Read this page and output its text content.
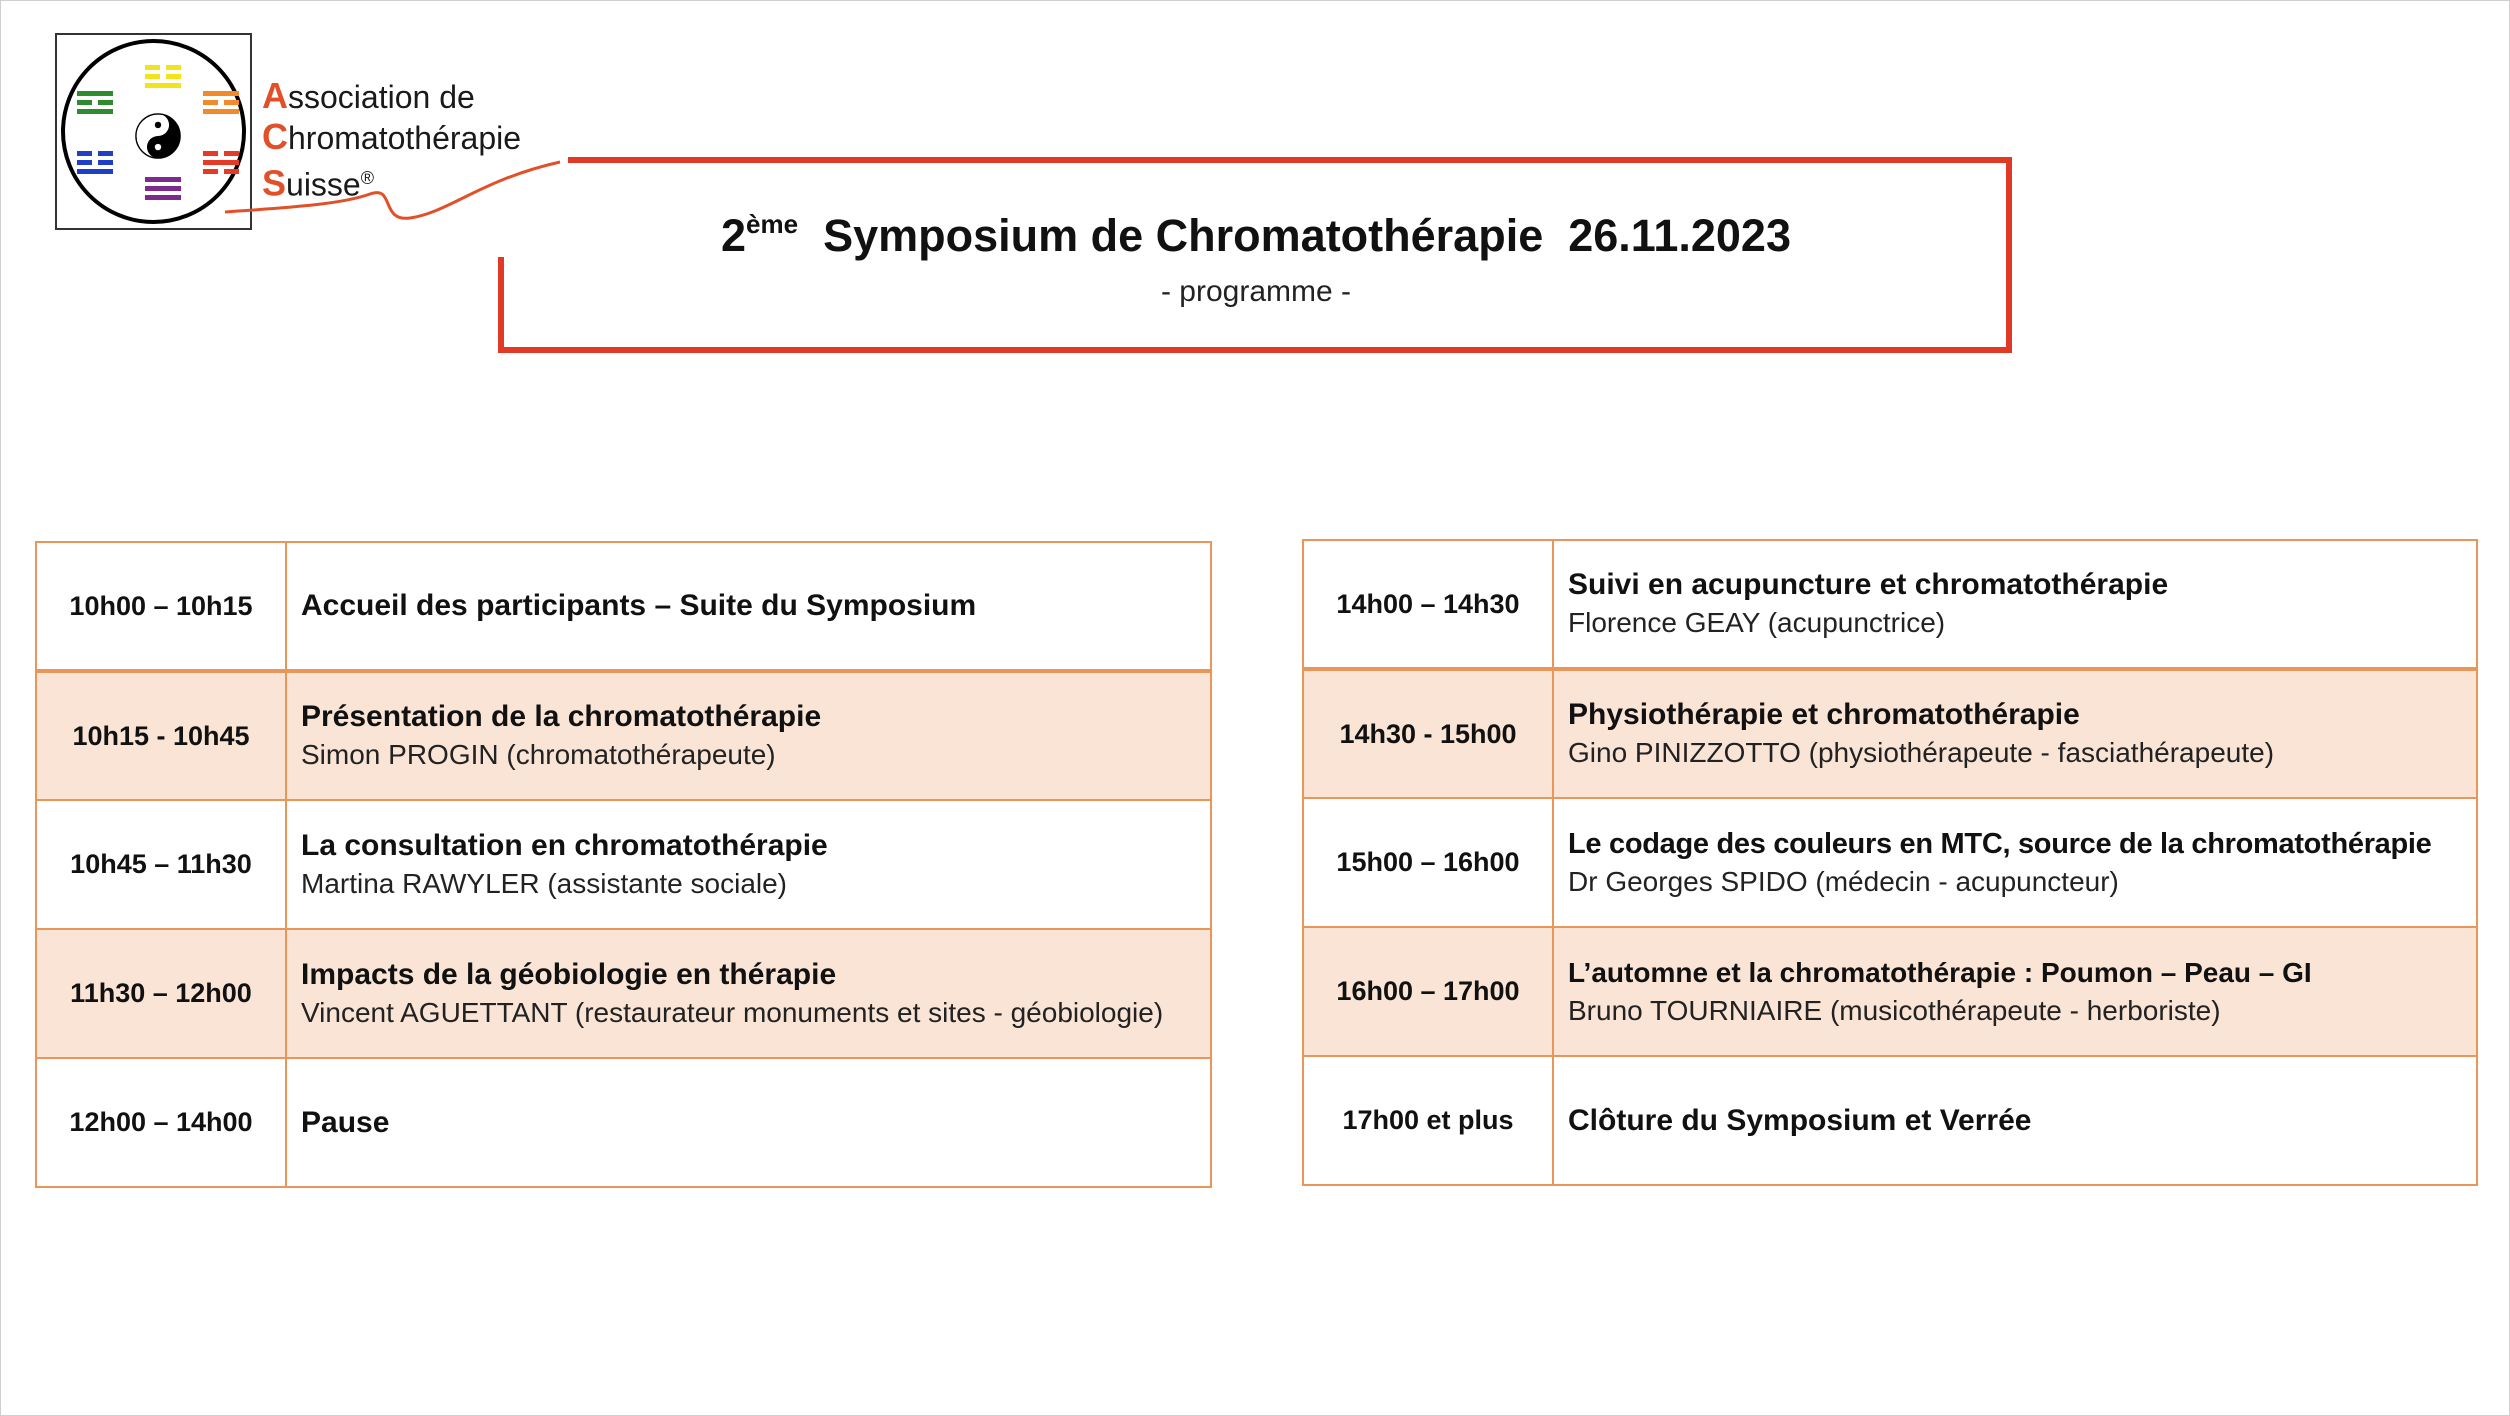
Association de
Chromatothérapie
Suisse®
2ème  Symposium de Chromatothérapie  26.11.2023
- programme -
10h00 – 10h15	Accueil des participants – Suite du Symposium

10h15 - 10h45	Présentation de la chromatothérapie
Simon PROGIN (chromatothérapeute)

10h45 – 11h30	La consultation en chromatothérapie
Martina RAWYLER (assistante sociale)

11h30 – 12h00	Impacts de la géobiologie en thérapie
Vincent AGUETTANT (restaurateur monuments et sites - géobiologie)

12h00 – 14h00	Pause
14h00 – 14h30	Suivi en acupuncture et chromatothérapie
Florence GEAY (acupunctrice)

14h30 - 15h00	Physiothérapie et chromatothérapie
Gino PINIZZOTTO (physiothérapeute - fasciathérapeute)

15h00 – 16h00	Le codage des couleurs en MTC, source de la chromatothérapie
Dr Georges SPIDO (médecin - acupuncteur)

16h00 – 17h00	L’automne et la chromatothérapie : Poumon – Peau – GI
Bruno TOURNIAIRE (musicothérapeute - herboriste)

17h00 et plus	Clôture du Symposium et Verrée
